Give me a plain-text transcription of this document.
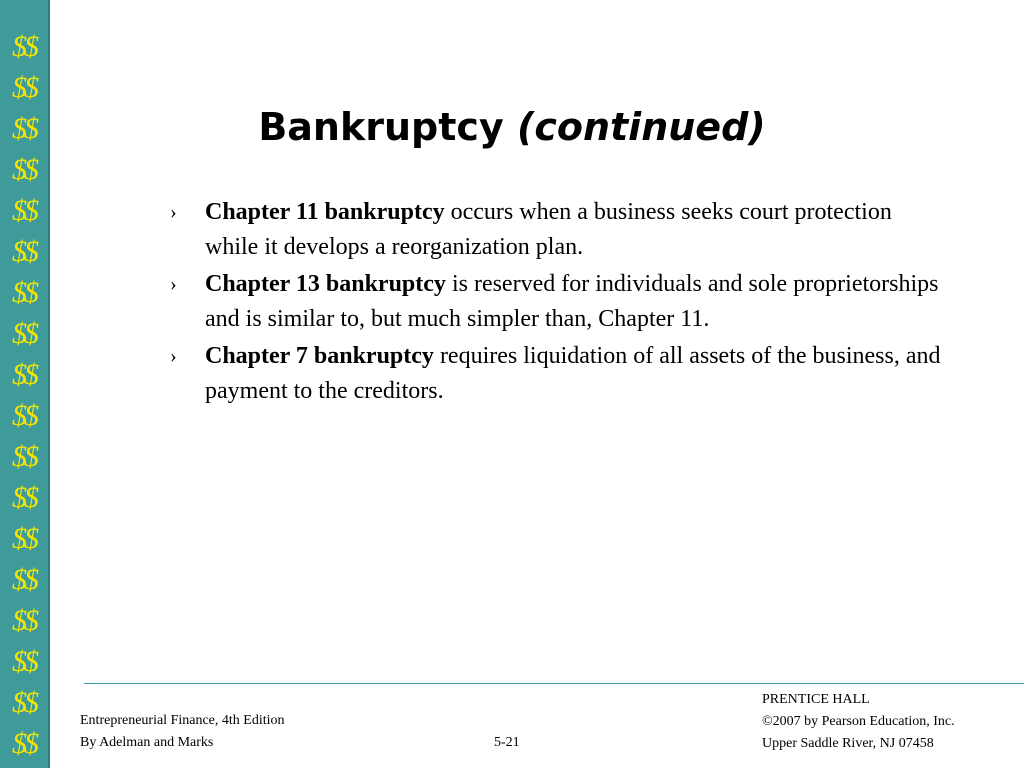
$$
$$
$$
$$
$$
$$
$$
$$
$$
$$
$$
$$
$$
$$
$$
$$
$$
$$
Bankruptcy (continued)
› Chapter 11 bankruptcy occurs when a business seeks court protection while it develops a reorganization plan.
› Chapter 13 bankruptcy is reserved for individuals and sole proprietorships and is similar to, but much simpler than, Chapter 11.
› Chapter 7 bankruptcy requires liquidation of all assets of the business, and payment to the creditors.
Entrepreneurial Finance, 4th Edition
By Adelman and Marks	5-21
PRENTICE HALL
©2007 by Pearson Education, Inc.
Upper Saddle River, NJ 07458
